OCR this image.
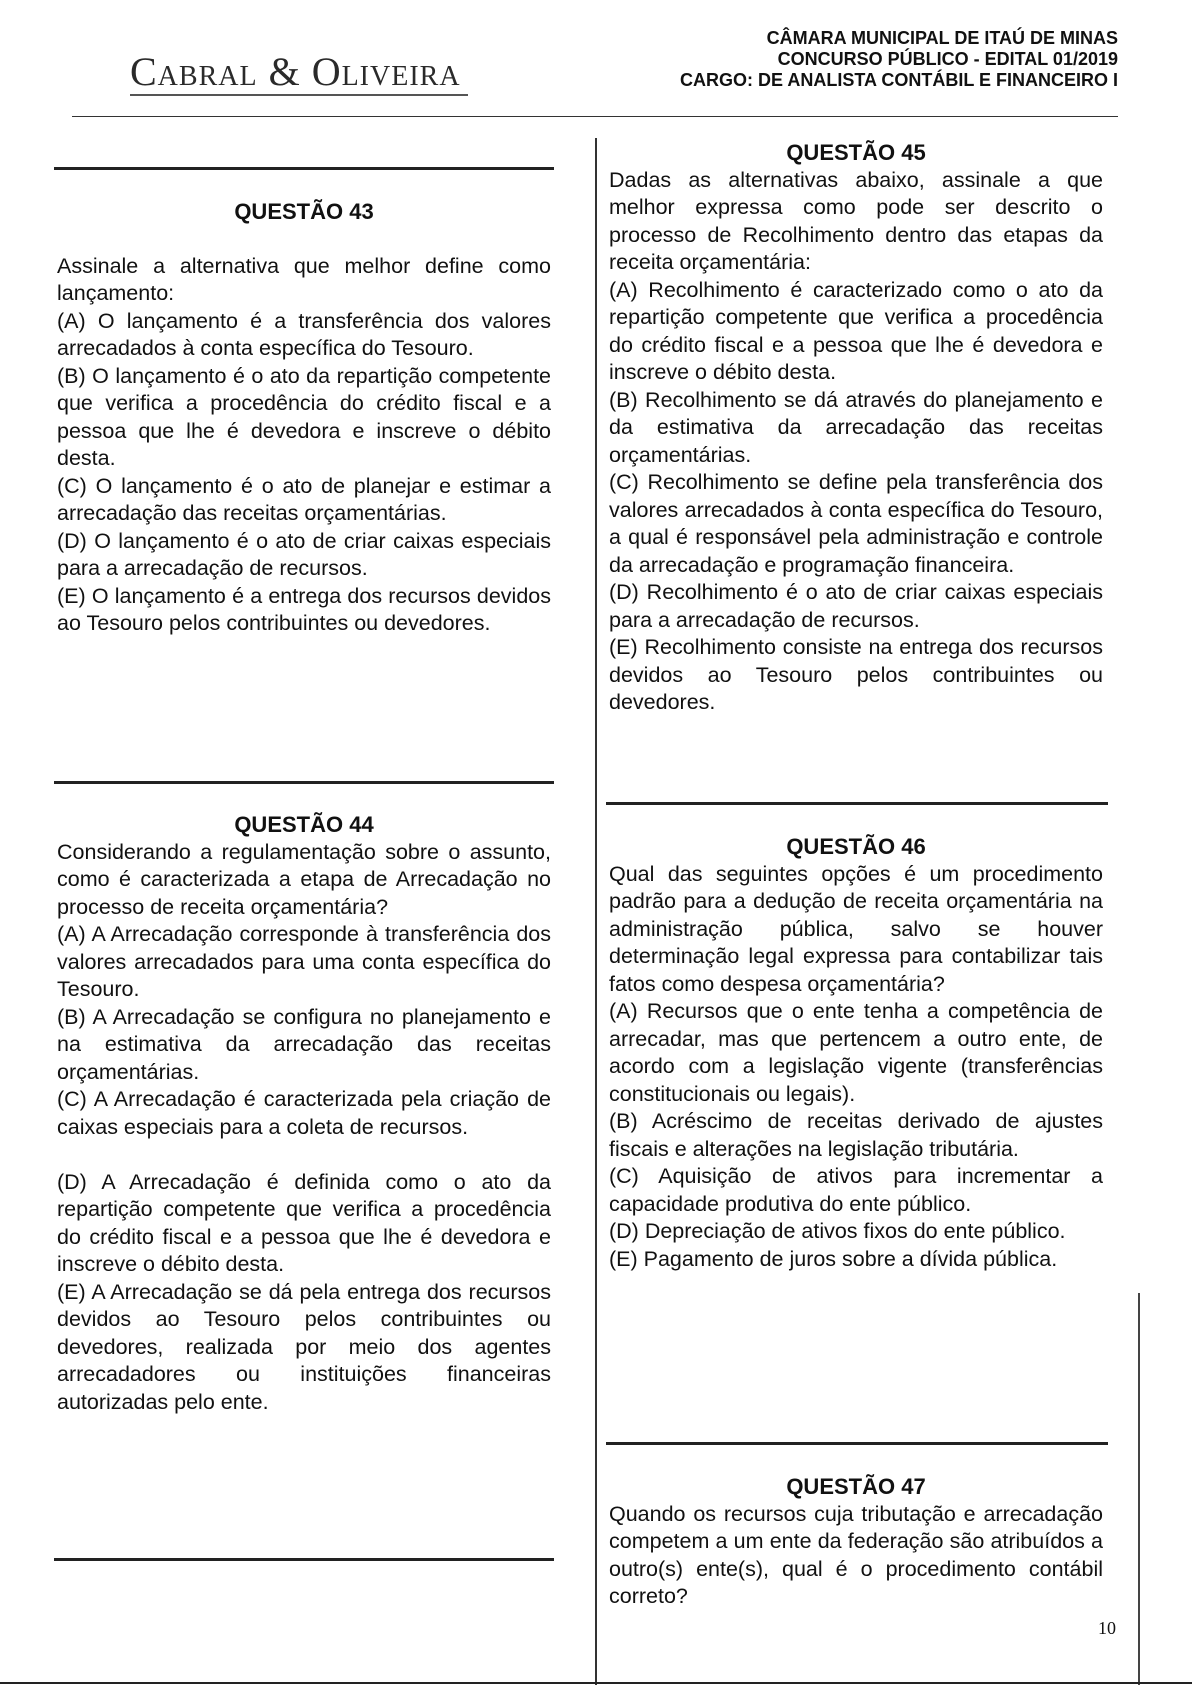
Cabral & Oliveira
CÂMARA MUNICIPAL DE ITAÚ DE MINAS
CONCURSO PÚBLICO - EDITAL 01/2019
CARGO: DE ANALISTA CONTÁBIL E FINANCEIRO I
QUESTÃO 43

Assinale a alternativa que melhor define como lançamento:

(A) O lançamento é a transferência dos valores arrecadados à conta específica do Tesouro.

(B) O lançamento é o ato da repartição competente que verifica a procedência do crédito fiscal e a pessoa que lhe é devedora e inscreve o débito desta.

(C) O lançamento é o ato de planejar e estimar a arrecadação das receitas orçamentárias.

(D) O lançamento é o ato de criar caixas especiais para a arrecadação de recursos.

(E) O lançamento é a entrega dos recursos devidos ao Tesouro pelos contribuintes ou devedores.

QUESTÃO 44

Considerando a regulamentação sobre o assunto, como é caracterizada a etapa de Arrecadação no processo de receita orçamentária?

(A) A Arrecadação corresponde à transferência dos valores arrecadados para uma conta específica do Tesouro.

(B) A Arrecadação se configura no planejamento e na estimativa da arrecadação das receitas orçamentárias.

(C) A Arrecadação é caracterizada pela criação de caixas especiais para a coleta de recursos.

(D) A Arrecadação é definida como o ato da repartição competente que verifica a procedência do crédito fiscal e a pessoa que lhe é devedora e inscreve o débito desta.

(E) A Arrecadação se dá pela entrega dos recursos devidos ao Tesouro pelos contribuintes ou devedores, realizada por meio dos agentes arrecadadores ou instituições financeiras autorizadas pelo ente.

QUESTÃO 45

Dadas as alternativas abaixo, assinale a que melhor expressa como pode ser descrito o processo de Recolhimento dentro das etapas da receita orçamentária:

(A) Recolhimento é caracterizado como o ato da repartição competente que verifica a procedência do crédito fiscal e a pessoa que lhe é devedora e inscreve o débito desta.

(B) Recolhimento se dá através do planejamento e da estimativa da arrecadação das receitas orçamentárias.

(C) Recolhimento se define pela transferência dos valores arrecadados à conta específica do Tesouro, a qual é responsável pela administração e controle da arrecadação e programação financeira.

(D) Recolhimento é o ato de criar caixas especiais para a arrecadação de recursos.

(E) Recolhimento consiste na entrega dos recursos devidos ao Tesouro pelos contribuintes ou devedores.

QUESTÃO 46

Qual das seguintes opções é um procedimento padrão para a dedução de receita orçamentária na administração pública, salvo se houver determinação legal expressa para contabilizar tais fatos como despesa orçamentária?

(A) Recursos que o ente tenha a competência de arrecadar, mas que pertencem a outro ente, de acordo com a legislação vigente (transferências constitucionais ou legais).

(B) Acréscimo de receitas derivado de ajustes fiscais e alterações na legislação tributária.

(C) Aquisição de ativos para incrementar a capacidade produtiva do ente público.

(D) Depreciação de ativos fixos do ente público.

(E) Pagamento de juros sobre a dívida pública.

QUESTÃO 47

Quando os recursos cuja tributação e arrecadação competem a um ente da federação são atribuídos a outro(s) ente(s), qual é o procedimento contábil correto?

10
